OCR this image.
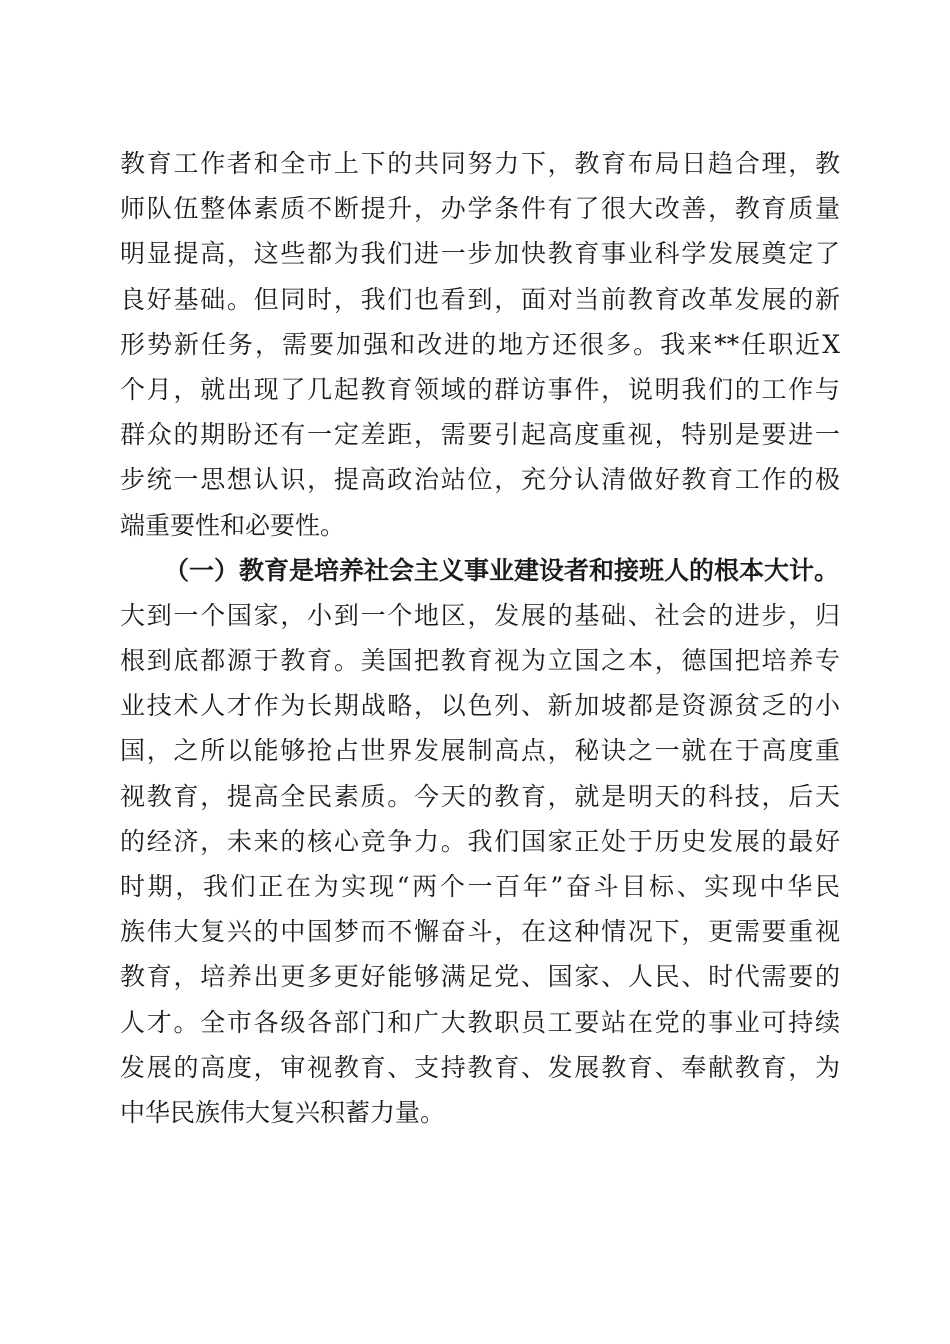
教育工作者和全市上下的共同努力下，教育布局日趋合理，教
师队伍整体素质不断提升，办学条件有了很大改善，教育质量
明显提高，这些都为我们进一步加快教育事业科学发展奠定了
良好基础。但同时，我们也看到，面对当前教育改革发展的新
形势新任务，需要加强和改进的地方还很多。我来**任职近X
个月，就出现了几起教育领域的群访事件，说明我们的工作与
群众的期盼还有一定差距，需要引起高度重视，特别是要进一
步统一思想认识，提高政治站位，充分认清做好教育工作的极
端重要性和必要性。
（一）教育是培养社会主义事业建设者和接班人的根本大计。
大到一个国家，小到一个地区，发展的基础、社会的进步，归
根到底都源于教育。美国把教育视为立国之本，德国把培养专
业技术人才作为长期战略，以色列、新加坡都是资源贫乏的小
国，之所以能够抢占世界发展制高点，秘诀之一就在于高度重
视教育，提高全民素质。今天的教育，就是明天的科技，后天
的经济，未来的核心竞争力。我们国家正处于历史发展的最好
时期，我们正在为实现“两个一百年”奋斗目标、实现中华民
族伟大复兴的中国梦而不懈奋斗，在这种情况下，更需要重视
教育，培养出更多更好能够满足党、国家、人民、时代需要的
人才。全市各级各部门和广大教职员工要站在党的事业可持续
发展的高度，审视教育、支持教育、发展教育、奉献教育，为
中华民族伟大复兴积蓄力量。
